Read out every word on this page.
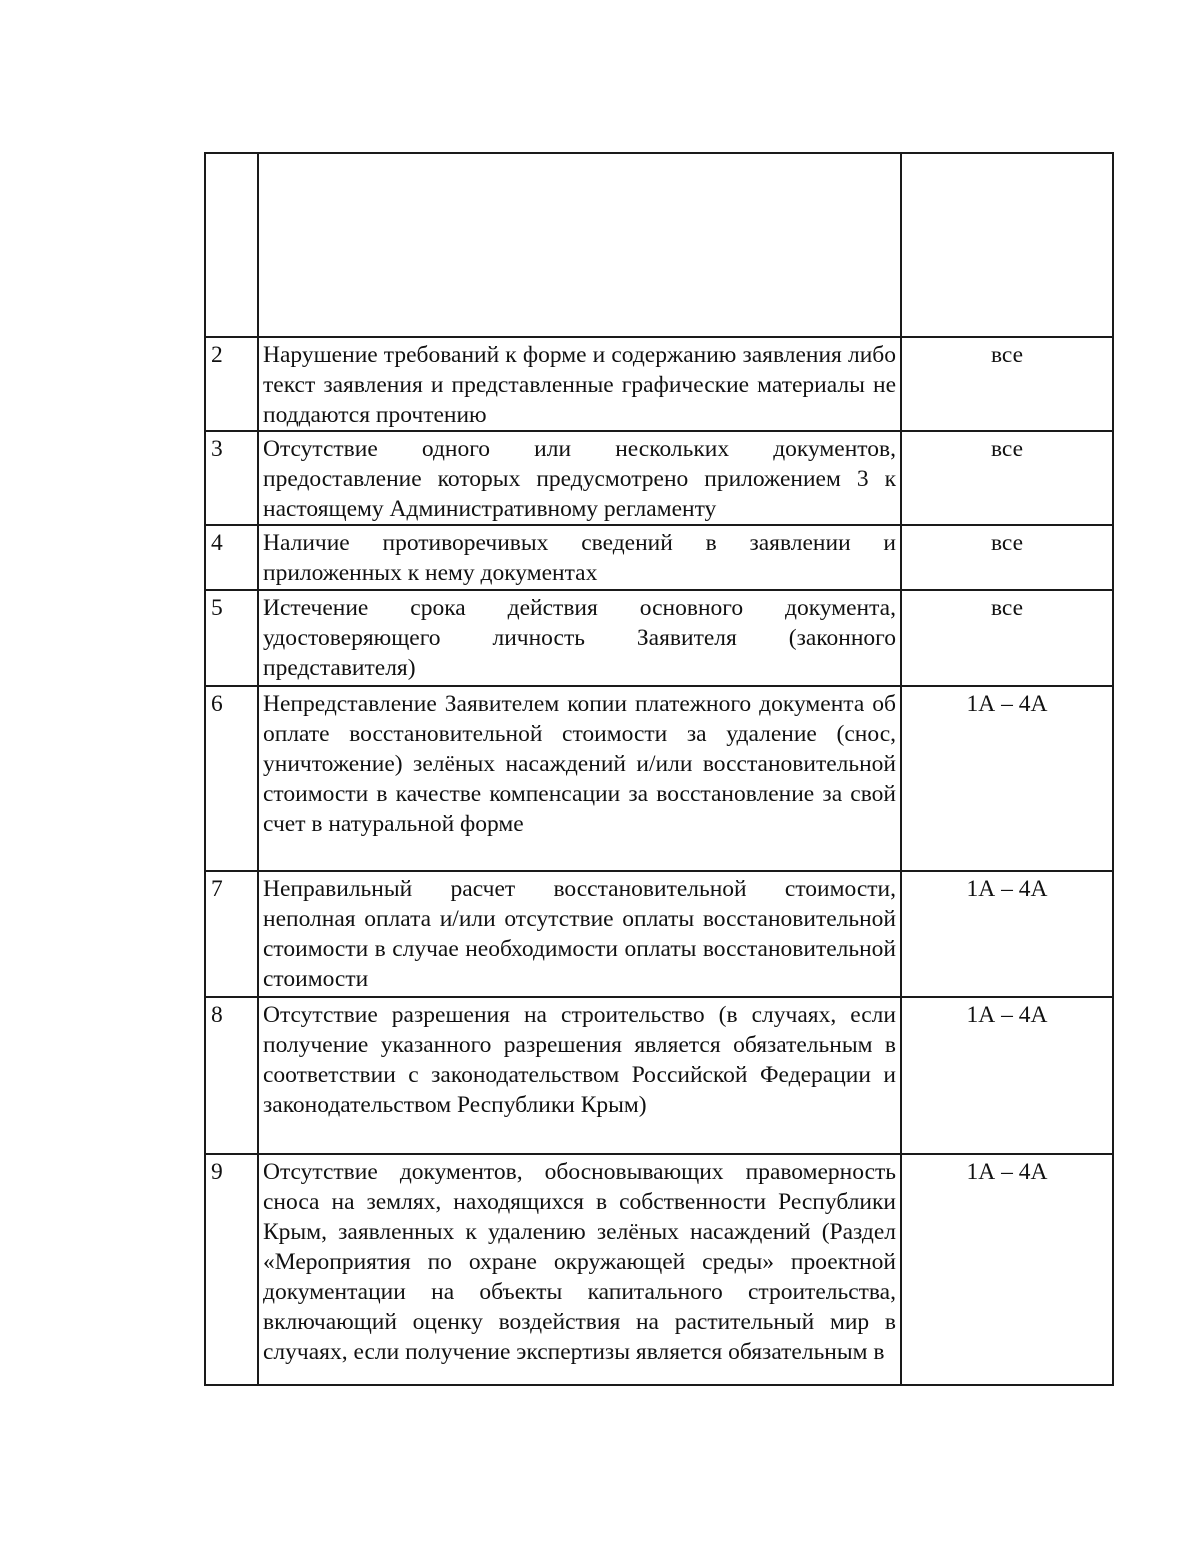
2	Нарушение требований к форме и содержанию заявления либо текст заявления и представленные графические материалы не поддаются прочтению	все
3	Отсутствие одного или нескольких документов, предоставление которых предусмотрено приложением 3 к настоящему Административному регламенту	все
4	Наличие противоречивых сведений в заявлении и приложенных к нему документах	все
5	Истечение срока действия основного документа, удостоверяющего личность Заявителя (законного представителя)	все
6	Непредставление Заявителем копии платежного документа об оплате восстановительной стоимости за удаление (снос, уничтожение) зелёных насаждений и/или восстановительной стоимости в качестве компенсации за восстановление за свой счет в натуральной форме	1А – 4А
7	Неправильный расчет восстановительной стоимости, неполная оплата и/или отсутствие оплаты восстановительной стоимости в случае необходимости оплаты восстановительной стоимости	1А – 4А
8	Отсутствие разрешения на строительство (в случаях, если получение указанного разрешения является обязательным в соответствии с законодательством Российской Федерации и законодательством Республики Крым)	1А – 4А
9	Отсутствие документов, обосновывающих правомерность сноса на землях, находящихся в собственности Республики Крым, заявленных к удалению зелёных насаждений (Раздел «Мероприятия по охране окружающей среды» проектной документации на объекты капитального строительства, включающий оценку воздействия на растительный мир в случаях, если получение экспертизы является обязательным в	1А – 4А
